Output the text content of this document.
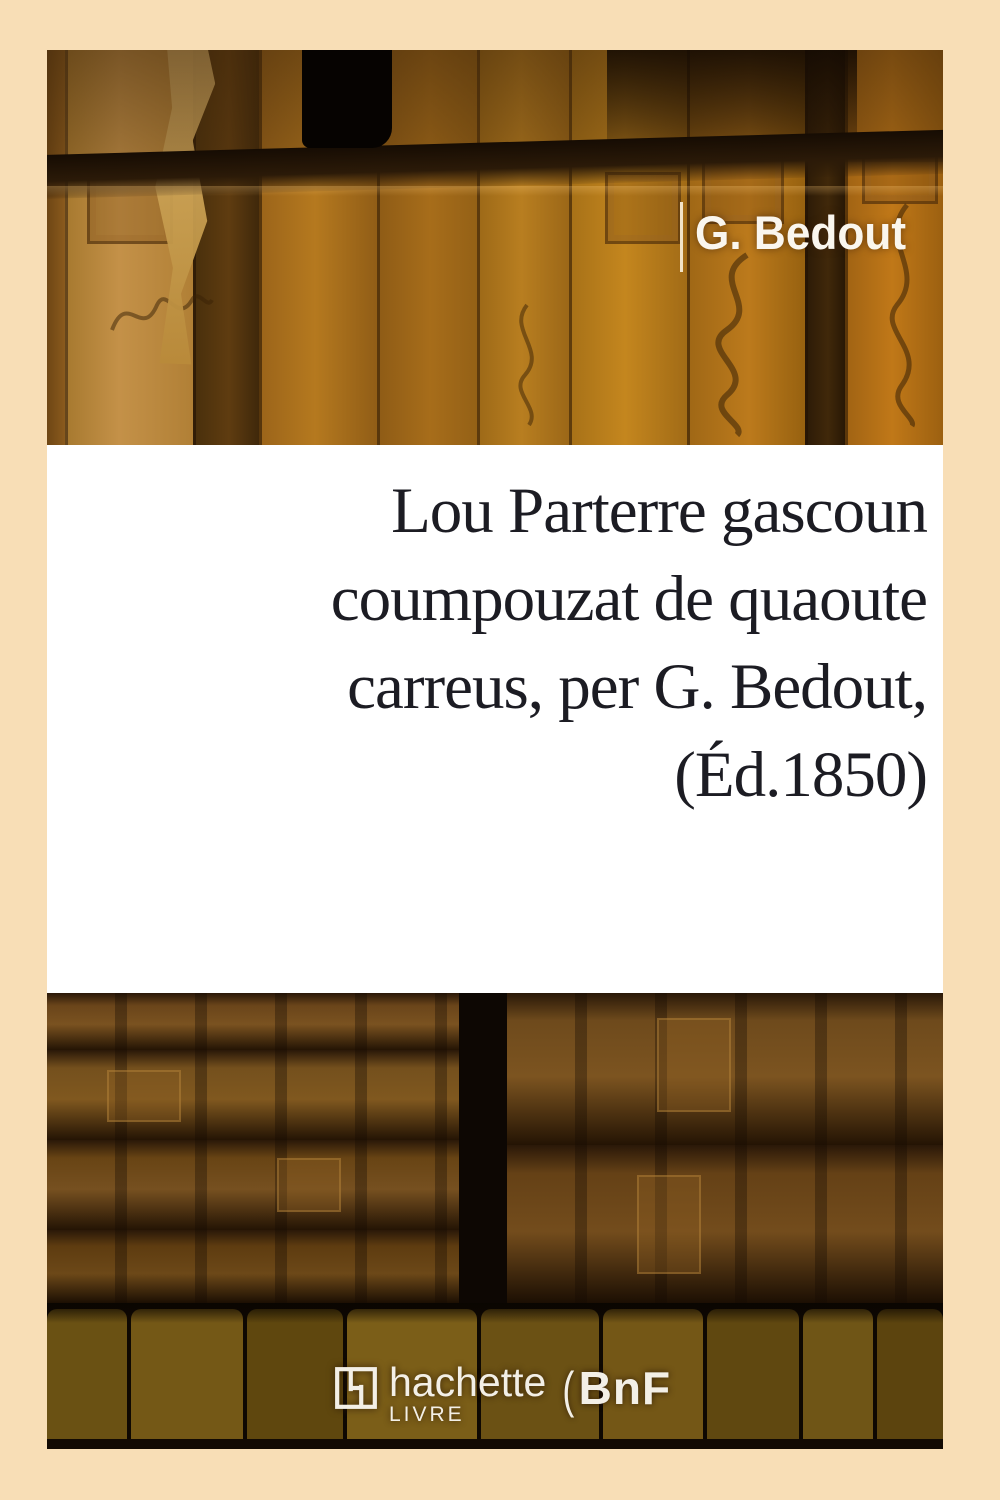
G. Bedout
Lou Parterre gascoun
coumpouzat de quaoute
carreus, per G. Bedout,
(Éd.1850)
hachette
LIVRE	( BnF
